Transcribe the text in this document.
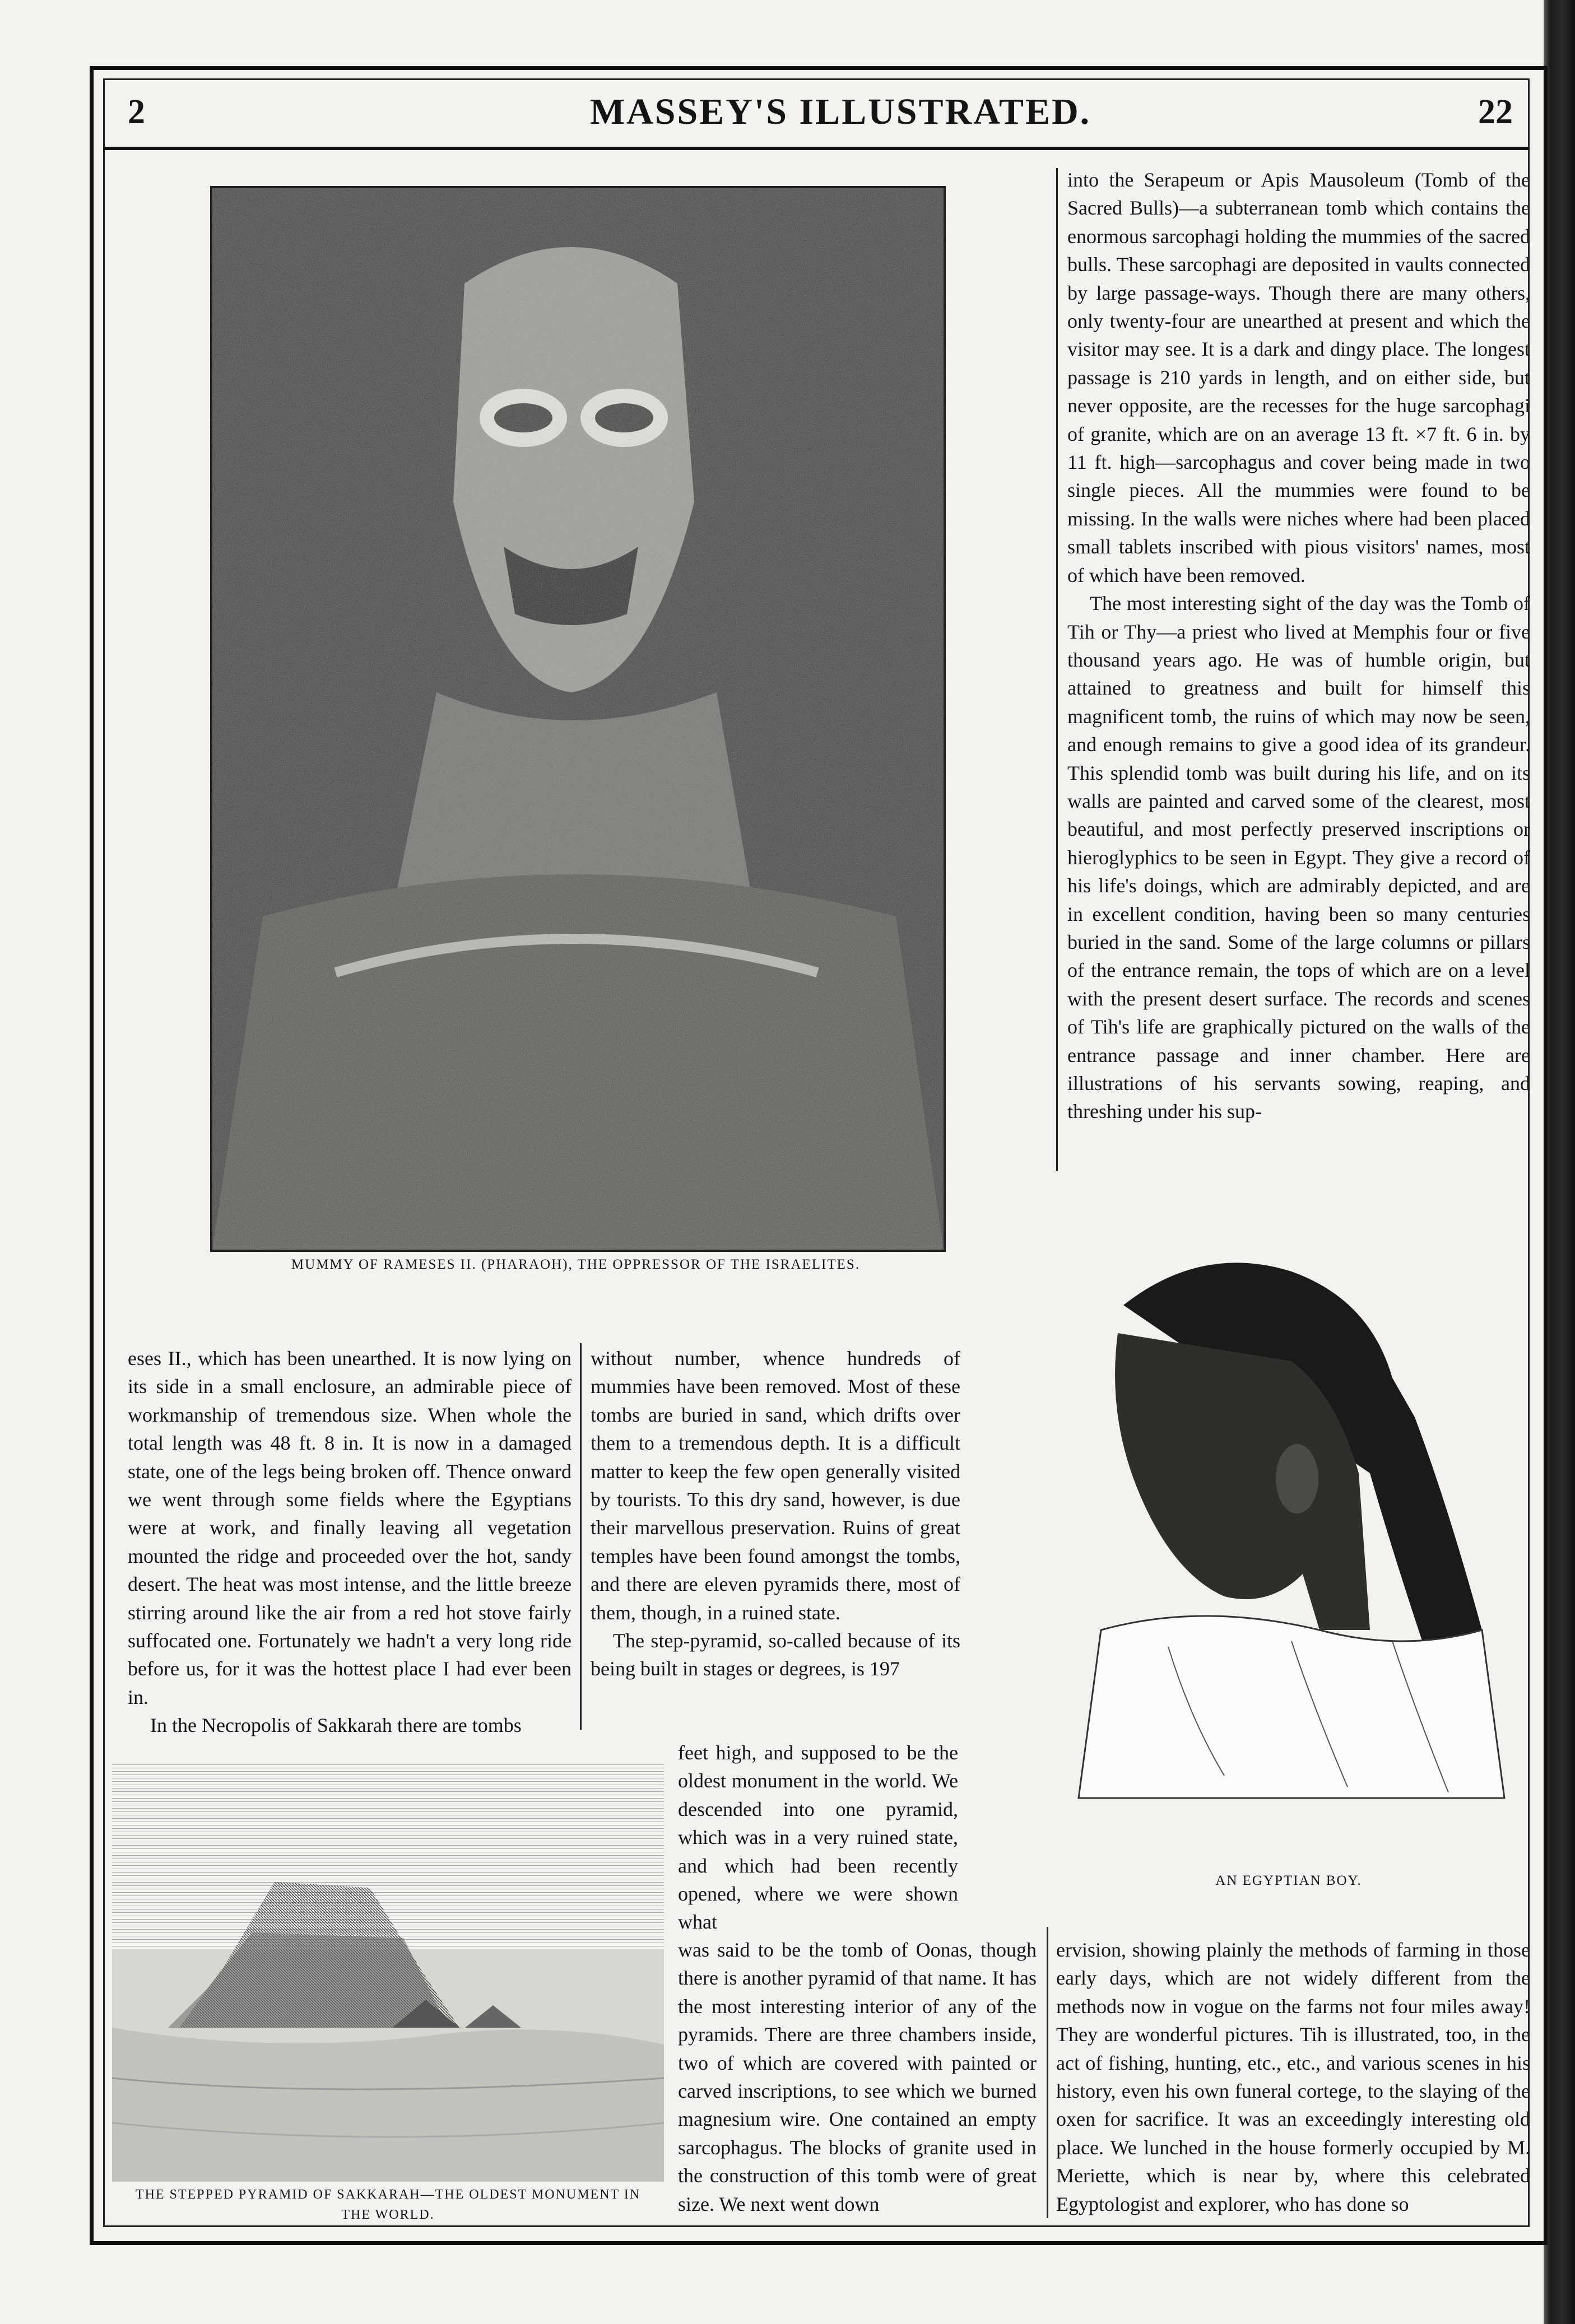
2	MASSEY'S ILLUSTRATED.	22
MUMMY OF RAMESES II. (PHARAOH), THE OPPRESSOR OF THE ISRAELITES.

into the Serapeum or Apis Mausoleum (Tomb of the Sacred Bulls)—a subterranean tomb which contains the enormous sarcophagi holding the mummies of the sacred bulls. These sarcophagi are deposited in vaults connected by large passage-ways. Though there are many others, only twenty-four are unearthed at present and which the visitor may see. It is a dark and dingy place. The longest passage is 210 yards in length, and on either side, but never opposite, are the recesses for the huge sarcophagi of granite, which are on an average 13 ft. ×7 ft. 6 in. by 11 ft. high—sarcophagus and cover being made in two single pieces. All the mummies were found to be missing. In the walls were niches where had been placed small tablets inscribed with pious visitors' names, most of which have been removed.

The most interesting sight of the day was the Tomb of Tih or Thy—a priest who lived at Memphis four or five thousand years ago. He was of humble origin, but attained to greatness and built for himself this magnificent tomb, the ruins of which may now be seen, and enough remains to give a good idea of its grandeur. This splendid tomb was built during his life, and on its walls are painted and carved some of the clearest, most beautiful, and most perfectly preserved inscriptions or hieroglyphics to be seen in Egypt. They give a record of his life's doings, which are admirably depicted, and are in excellent condition, having been so many centuries buried in the sand. Some of the large columns or pillars of the entrance remain, the tops of which are on a level with the present desert surface. The records and scenes of Tih's life are graphically pictured on the walls of the entrance passage and inner chamber. Here are illustrations of his servants sowing, reaping, and threshing under his sup-

AN EGYPTIAN BOY.

eses II., which has been unearthed. It is now lying on its side in a small enclosure, an admirable piece of workmanship of tremendous size. When whole the total length was 48 ft. 8 in. It is now in a damaged state, one of the legs being broken off. Thence onward we went through some fields where the Egyptians were at work, and finally leaving all vegetation mounted the ridge and proceeded over the hot, sandy desert. The heat was most intense, and the little breeze stirring around like the air from a red hot stove fairly suffocated one. Fortunately we hadn't a very long ride before us, for it was the hottest place I had ever been in.

In the Necropolis of Sakkarah there are tombs

without number, whence hundreds of mummies have been removed. Most of these tombs are buried in sand, which drifts over them to a tremendous depth. It is a difficult matter to keep the few open generally visited by tourists. To this dry sand, however, is due their marvellous preservation. Ruins of great temples have been found amongst the tombs, and there are eleven pyramids there, most of them, though, in a ruined state.

The step-pyramid, so-called because of its being built in stages or degrees, is 197

feet high, and supposed to be the oldest monument in the world. We descended into one pyramid, which was in a very ruined state, and which had been recently opened, where we were shown what

THE STEPPED PYRAMID OF SAKKARAH—THE OLDEST MONUMENT IN THE WORLD.

was said to be the tomb of Oonas, though there is another pyramid of that name. It has the most interesting interior of any of the pyramids. There are three chambers inside, two of which are covered with painted or carved inscriptions, to see which we burned magnesium wire. One contained an empty sarcophagus. The blocks of granite used in the construction of this tomb were of great size. We next went down

ervision, showing plainly the methods of farming in those early days, which are not widely different from the methods now in vogue on the farms not four miles away! They are wonderful pictures. Tih is illustrated, too, in the act of fishing, hunting, etc., etc., and various scenes in his history, even his own funeral cortege, to the slaying of the oxen for sacrifice. It was an exceedingly interesting old place. We lunched in the house formerly occupied by M. Meriette, which is near by, where this celebrated Egyptologist and explorer, who has done so
